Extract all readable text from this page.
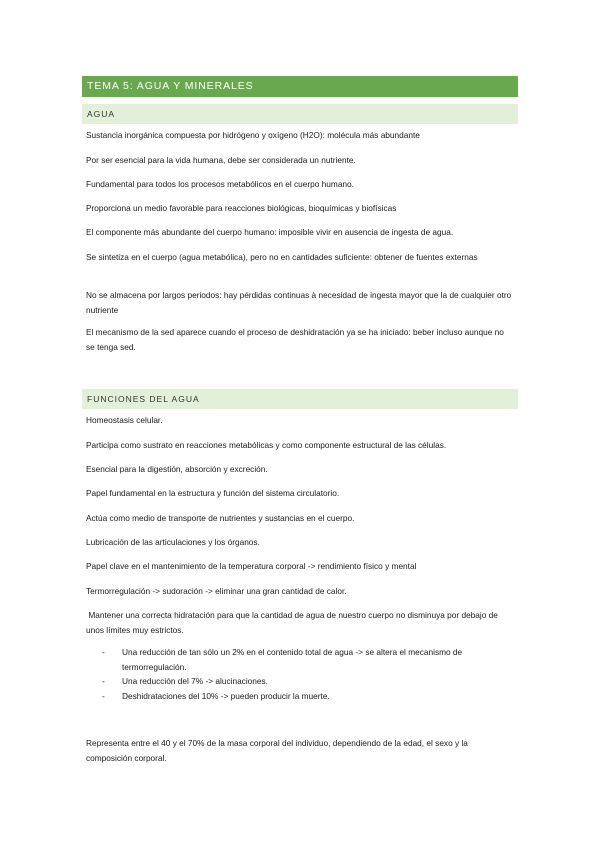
TEMA 5: AGUA Y MINERALES
AGUA
Sustancia inorgánica compuesta por hidrógeno y oxígeno (H2O): molécula más abundante
Por ser esencial para la vida humana, debe ser considerada un nutriente.
Fundamental para todos los procesos metabólicos en el cuerpo humano.
Proporciona un medio favorable para reacciones biológicas, bioquímicas y biofísicas
El componente más abundante del cuerpo humano: imposible vivir en ausencia de ingesta de agua.
Se sintetiza en el cuerpo (agua metabólica), pero no en cantidades suficiente: obtener de fuentes externas
No se almacena por largos periodos: hay pérdidas continuas à necesidad de ingesta mayor que la de cualquier otro nutriente
El mecanismo de la sed aparece cuando el proceso de deshidratación ya se ha iniciado: beber incluso aunque no se tenga sed.
FUNCIONES DEL AGUA
Homeostasis celular.
Participa como sustrato en reacciones metabólicas y como componente estructural de las células.
Esencial para la digestión, absorción y excreción.
Papel fundamental en la estructura y función del sistema circulatorio.
Actúa como medio de transporte de nutrientes y sustancias en el cuerpo.
Lubricación de las articulaciones y los órganos.
Papel clave en el mantenimiento de la temperatura corporal -> rendimiento físico y mental
Termorregulación -> sudoración -> eliminar una gran cantidad de calor.
Mantener una correcta hidratación para que la cantidad de agua de nuestro cuerpo no disminuya por debajo de unos límites muy estrictos.
- Una reducción de tan sólo un 2% en el contenido total de agua -> se altera el mecanismo de termorregulación.
- Una reducción del 7% -> alucinaciones.
- Deshidrataciones del 10% -> pueden producir la muerte.
Representa entre el 40 y el 70% de la masa corporal del individuo, dependiendo de la edad, el sexo y la composición corporal.
